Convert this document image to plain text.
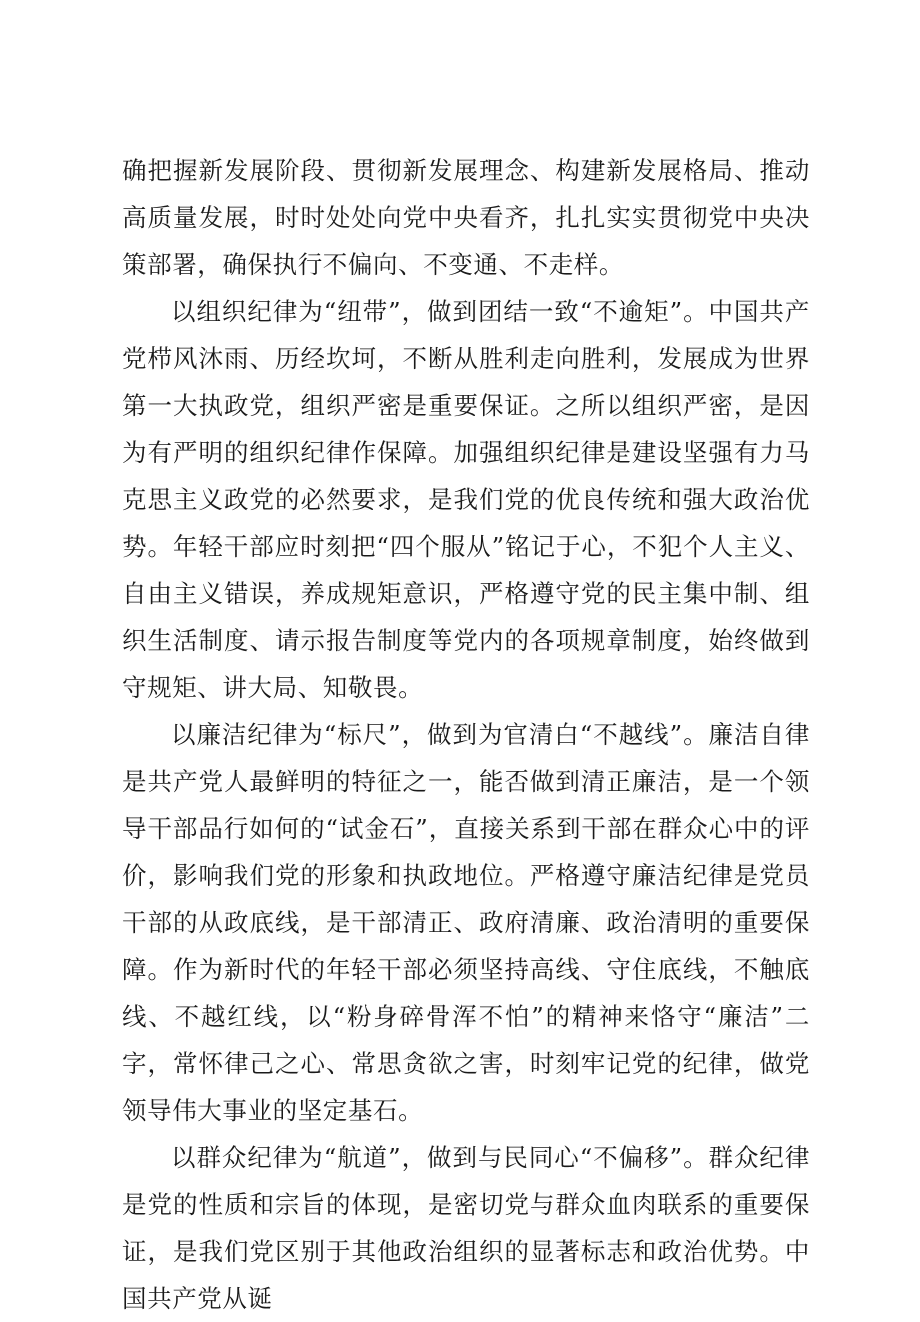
确把握新发展阶段、贯彻新发展理念、构建新发展格局、推动高质量发展，时时处处向党中央看齐，扎扎实实贯彻党中央决策部署，确保执行不偏向、不变通、不走样。

以组织纪律为“纽带”，做到团结一致“不逾矩”。中国共产党栉风沐雨、历经坎坷，不断从胜利走向胜利，发展成为世界第一大执政党，组织严密是重要保证。之所以组织严密，是因为有严明的组织纪律作保障。加强组织纪律是建设坚强有力马克思主义政党的必然要求，是我们党的优良传统和强大政治优势。年轻干部应时刻把“四个服从”铭记于心，不犯个人主义、自由主义错误，养成规矩意识，严格遵守党的民主集中制、组织生活制度、请示报告制度等党内的各项规章制度，始终做到守规矩、讲大局、知敬畏。

以廉洁纪律为“标尺”，做到为官清白“不越线”。廉洁自律是共产党人最鲜明的特征之一，能否做到清正廉洁，是一个领导干部品行如何的“试金石”，直接关系到干部在群众心中的评价，影响我们党的形象和执政地位。严格遵守廉洁纪律是党员干部的从政底线，是干部清正、政府清廉、政治清明的重要保障。作为新时代的年轻干部必须坚持高线、守住底线，不触底线、不越红线，以“粉身碎骨浑不怕”的精神来恪守“廉洁”二字，常怀律己之心、常思贪欲之害，时刻牢记党的纪律，做党领导伟大事业的坚定基石。

以群众纪律为“航道”，做到与民同心“不偏移”。群众纪律是党的性质和宗旨的体现，是密切党与群众血肉联系的重要保证，是我们党区别于其他政治组织的显著标志和政治优势。中国共产党从诞
